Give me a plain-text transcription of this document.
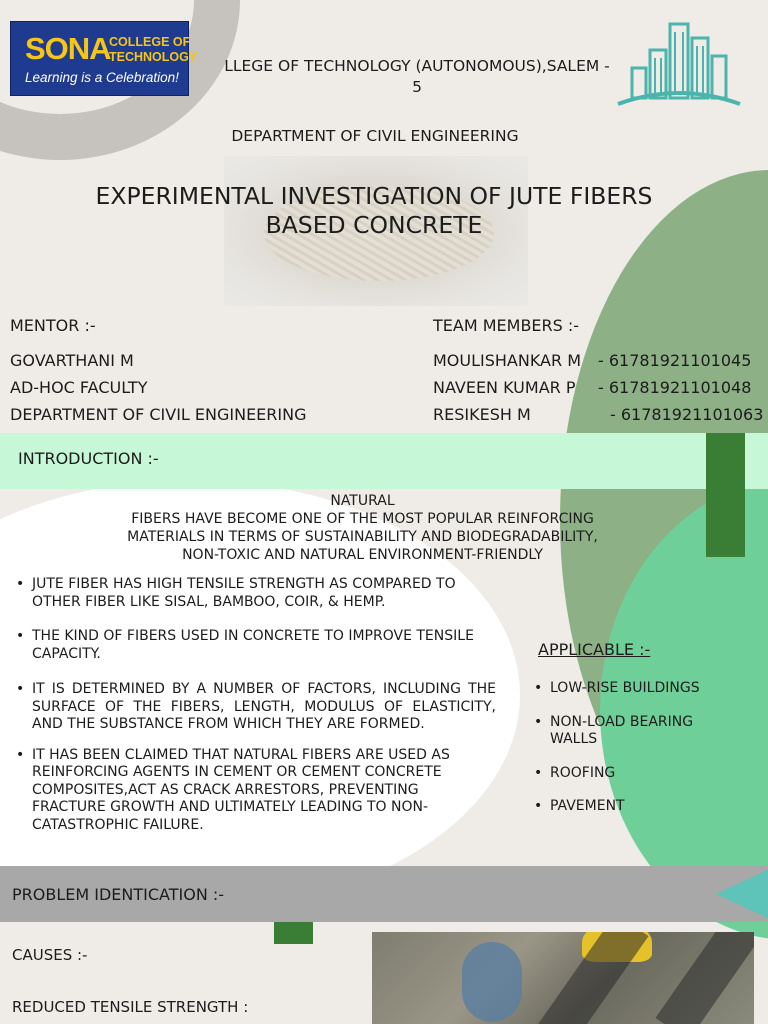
SONA
COLLEGE OF
TECHNOLOGY
Learning is a Celebration!
LLEGE OF TECHNOLOGY (AUTONOMOUS),SALEM -
5
DEPARTMENT OF CIVIL ENGINEERING
EXPERIMENTAL INVESTIGATION OF JUTE FIBERS
BASED CONCRETE
MENTOR :-
GOVARTHANI M
AD-HOC FACULTY
DEPARTMENT OF CIVIL ENGINEERING
TEAM MEMBERS :-
MOULISHANKAR M - 61781921101045
NAVEEN KUMAR P - 61781921101048
RESIKESH M	- 61781921101063
INTRODUCTION :-
NATURAL
FIBERS HAVE BECOME ONE OF THE MOST POPULAR REINFORCING
MATERIALS IN TERMS OF SUSTAINABILITY AND BIODEGRADABILITY,
NON-TOXIC AND NATURAL ENVIRONMENT-FRIENDLY
• JUTE FIBER HAS HIGH TENSILE STRENGTH AS COMPARED TO OTHER FIBER LIKE SISAL, BAMBOO, COIR, & HEMP.
• THE KIND OF FIBERS USED IN CONCRETE TO IMPROVE TENSILE CAPACITY.
• IT IS DETERMINED BY A NUMBER OF FACTORS, INCLUDING THE SURFACE OF THE FIBERS, LENGTH, MODULUS OF ELASTICITY, AND THE SUBSTANCE FROM WHICH THEY ARE FORMED.
• IT HAS BEEN CLAIMED THAT NATURAL FIBERS ARE USED AS REINFORCING AGENTS IN CEMENT OR CEMENT CONCRETE COMPOSITES,ACT AS CRACK ARRESTORS, PREVENTING FRACTURE GROWTH AND ULTIMATELY LEADING TO NON-CATASTROPHIC FAILURE.
APPLICABLE :-
• LOW-RISE BUILDINGS
• NON-LOAD BEARING WALLS
• ROOFING
• PAVEMENT
PROBLEM IDENTICATION :-
CAUSES :-
REDUCED TENSILE STRENGTH :
